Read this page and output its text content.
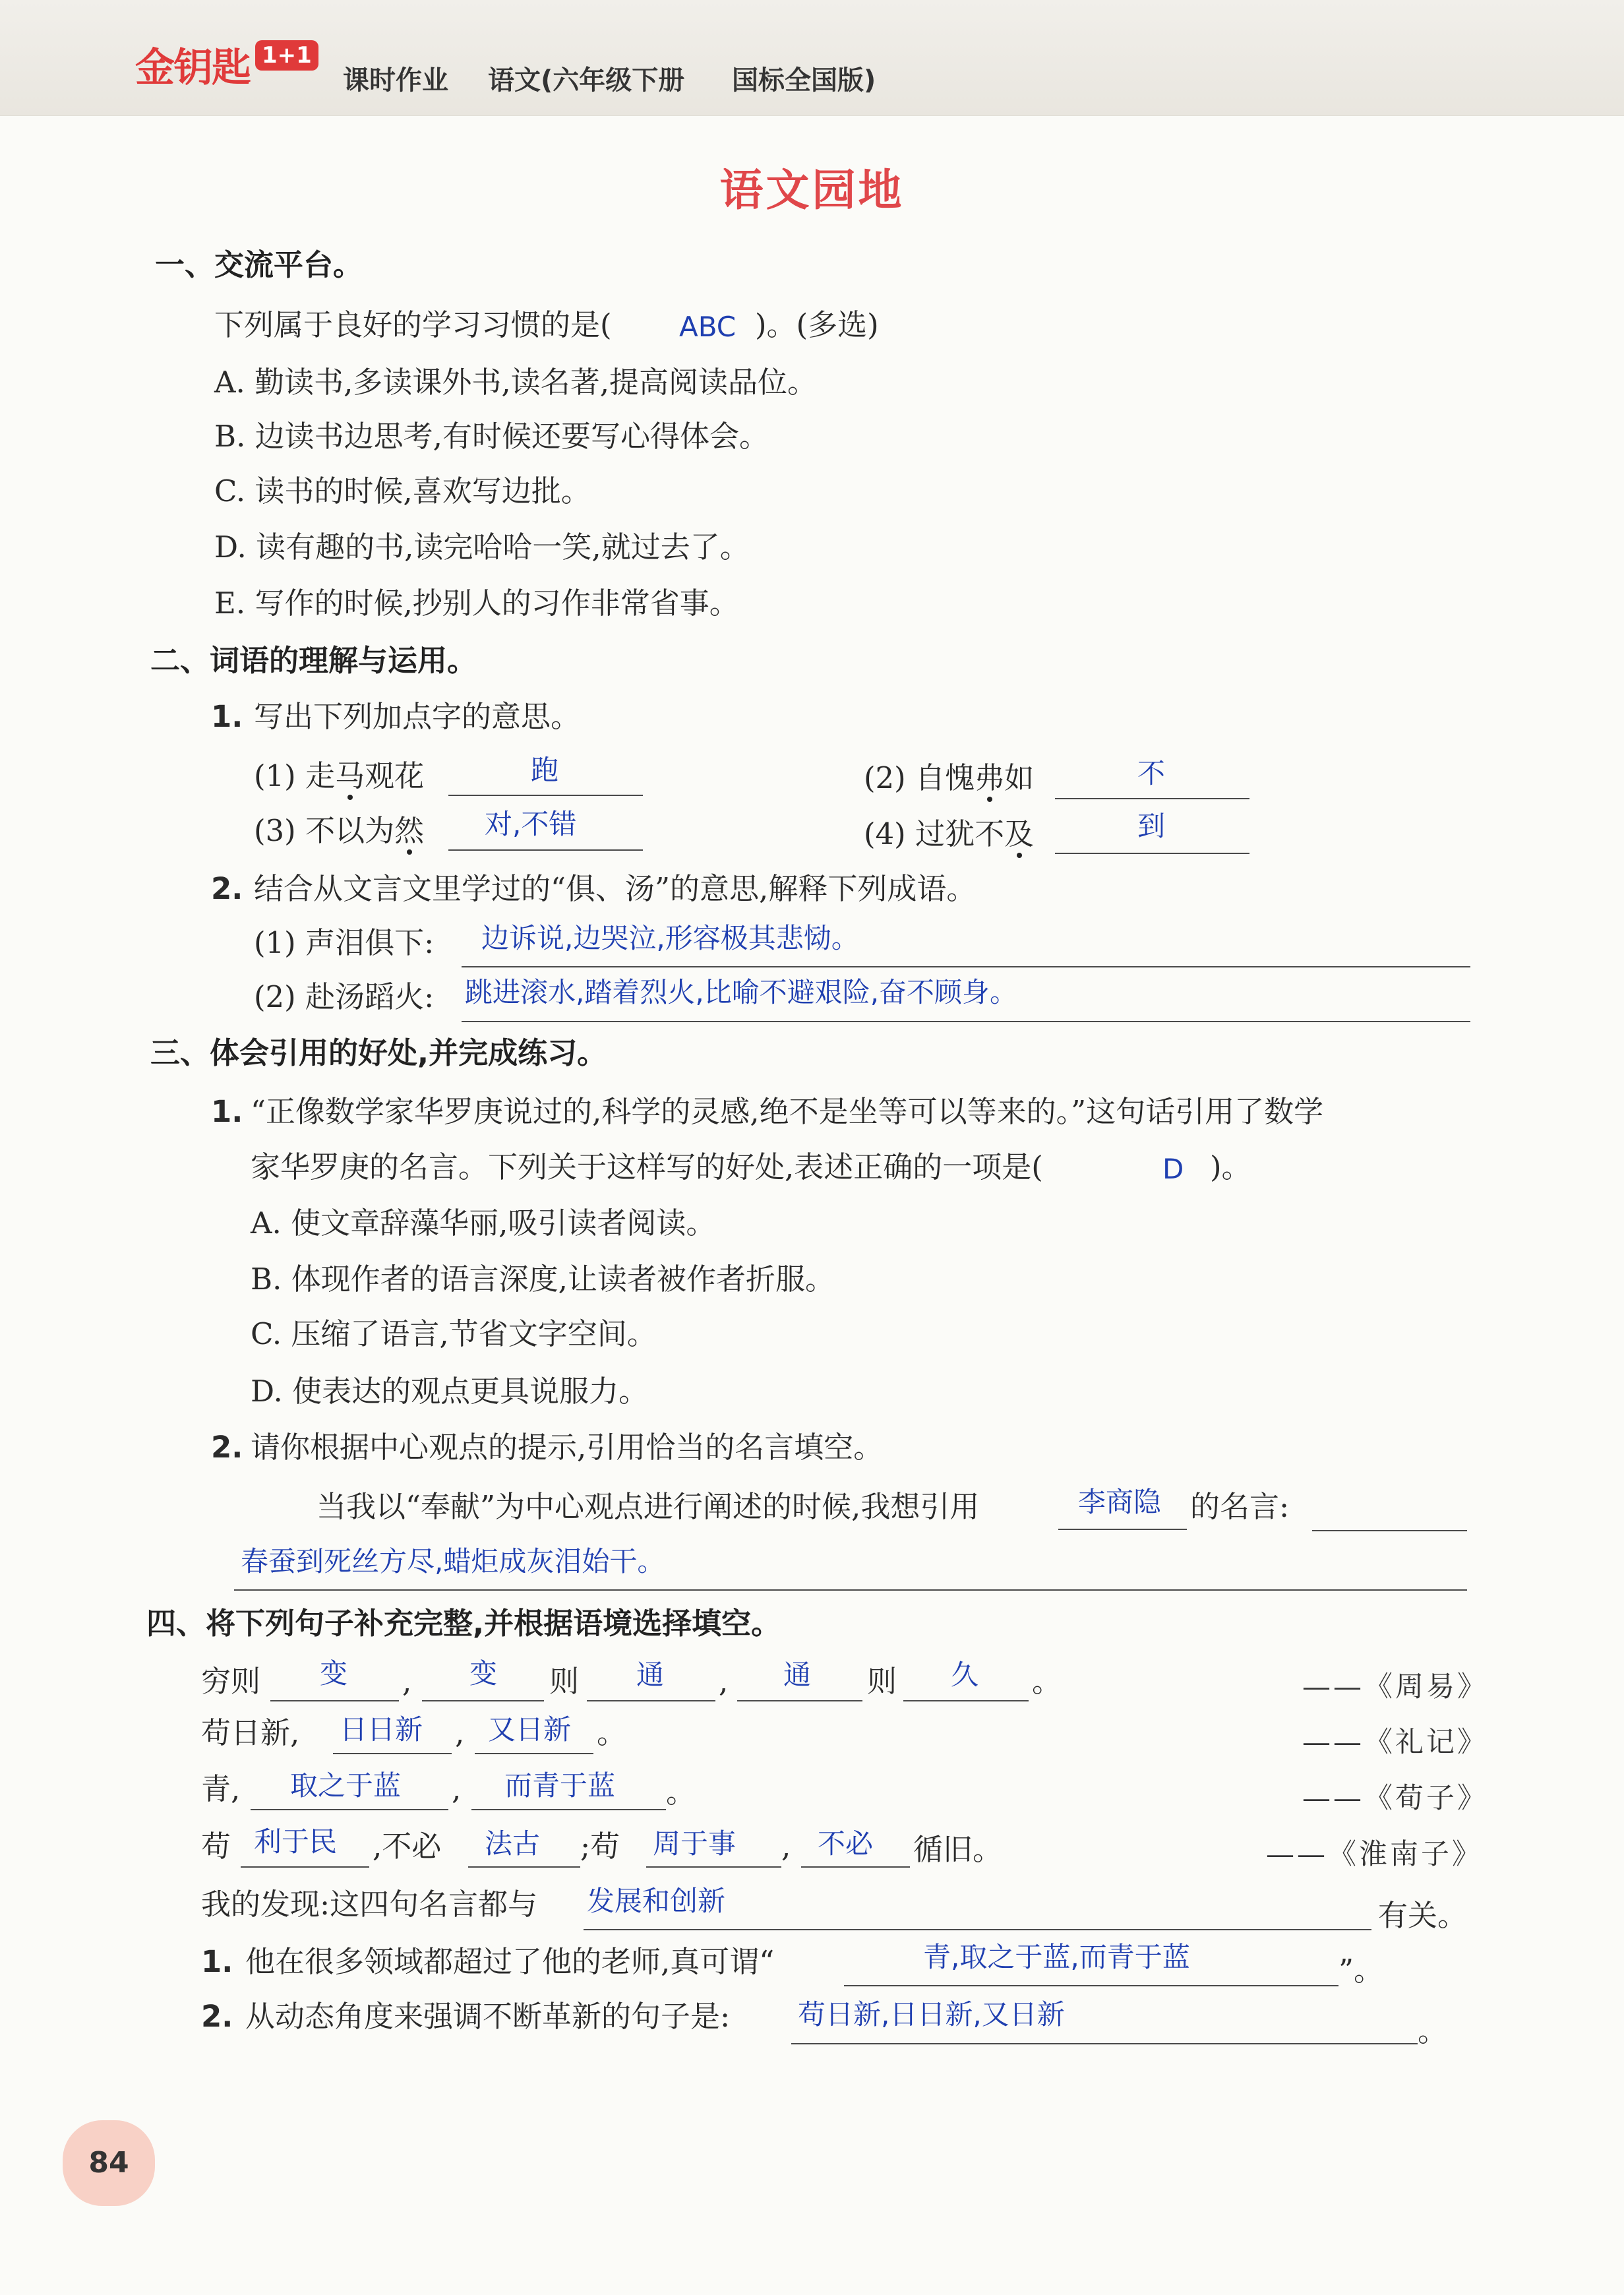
金钥匙 1+1
课时作业 语文(六年级下册 国标全国版)
语文园地
一、交流平台。
下列属于良好的学习习惯的是( ABC )。(多选)
A. 勤读书,多读课外书,读名著,提高阅读品位。
B. 边读书边思考,有时候还要写心得体会。
C. 读书的时候,喜欢写边批。
D. 读有趣的书,读完哈哈一笑,就过去了。
E. 写作的时候,抄别人的习作非常省事。
二、词语的理解与运用。
1. 写出下列加点字的意思。
(1) 走马观花	跑	(2) 自愧弗如	不
(3) 不以为然 对,不错	(4) 过犹不及	到
2. 结合从文言文里学过的“俱、汤”的意思,解释下列成语。
(1) 声泪俱下: 边诉说,边哭泣,形容极其悲恸。
(2) 赴汤蹈火: 跳进滚水,踏着烈火,比喻不避艰险,奋不顾身。
三、体会引用的好处,并完成练习。
1. “正像数学家华罗庚说过的,科学的灵感,绝不是坐等可以等来的。”这句话引用了数学
家华罗庚的名言。下列关于这样写的好处,表述正确的一项是(	D )。
A. 使文章辞藻华丽,吸引读者阅读。
B. 体现作者的语言深度,让读者被作者折服。
C. 压缩了语言,节省文字空间。
D. 使表达的观点更具说服力。
2. 请你根据中心观点的提示,引用恰当的名言填空。
当我以“奉献”为中心观点进行阐述的时候,我想引用	李商隐 的名言:
春蚕到死丝方尽,蜡炬成灰泪始干。
四、将下列句子补充完整,并根据语境选择填空。
穷则 变 , 变 则 通 , 通 则 久 。	——《周易》
苟日新, 日日新 , 又日新 。	——《礼记》
青, 取之于蓝 , 而青于蓝 。	——《荀子》
苟 利于民 ,不必 法古 ;苟 周于事 , 不必 循旧。	——《淮南子》
我的发现:这四句名言都与 发展和创新	有关。
1. 他在很多领域都超过了他的老师,真可谓“	青,取之于蓝,而青于蓝	”。
2. 从动态角度来强调不断革新的句子是: 苟日新,日日新,又日新	。
84
